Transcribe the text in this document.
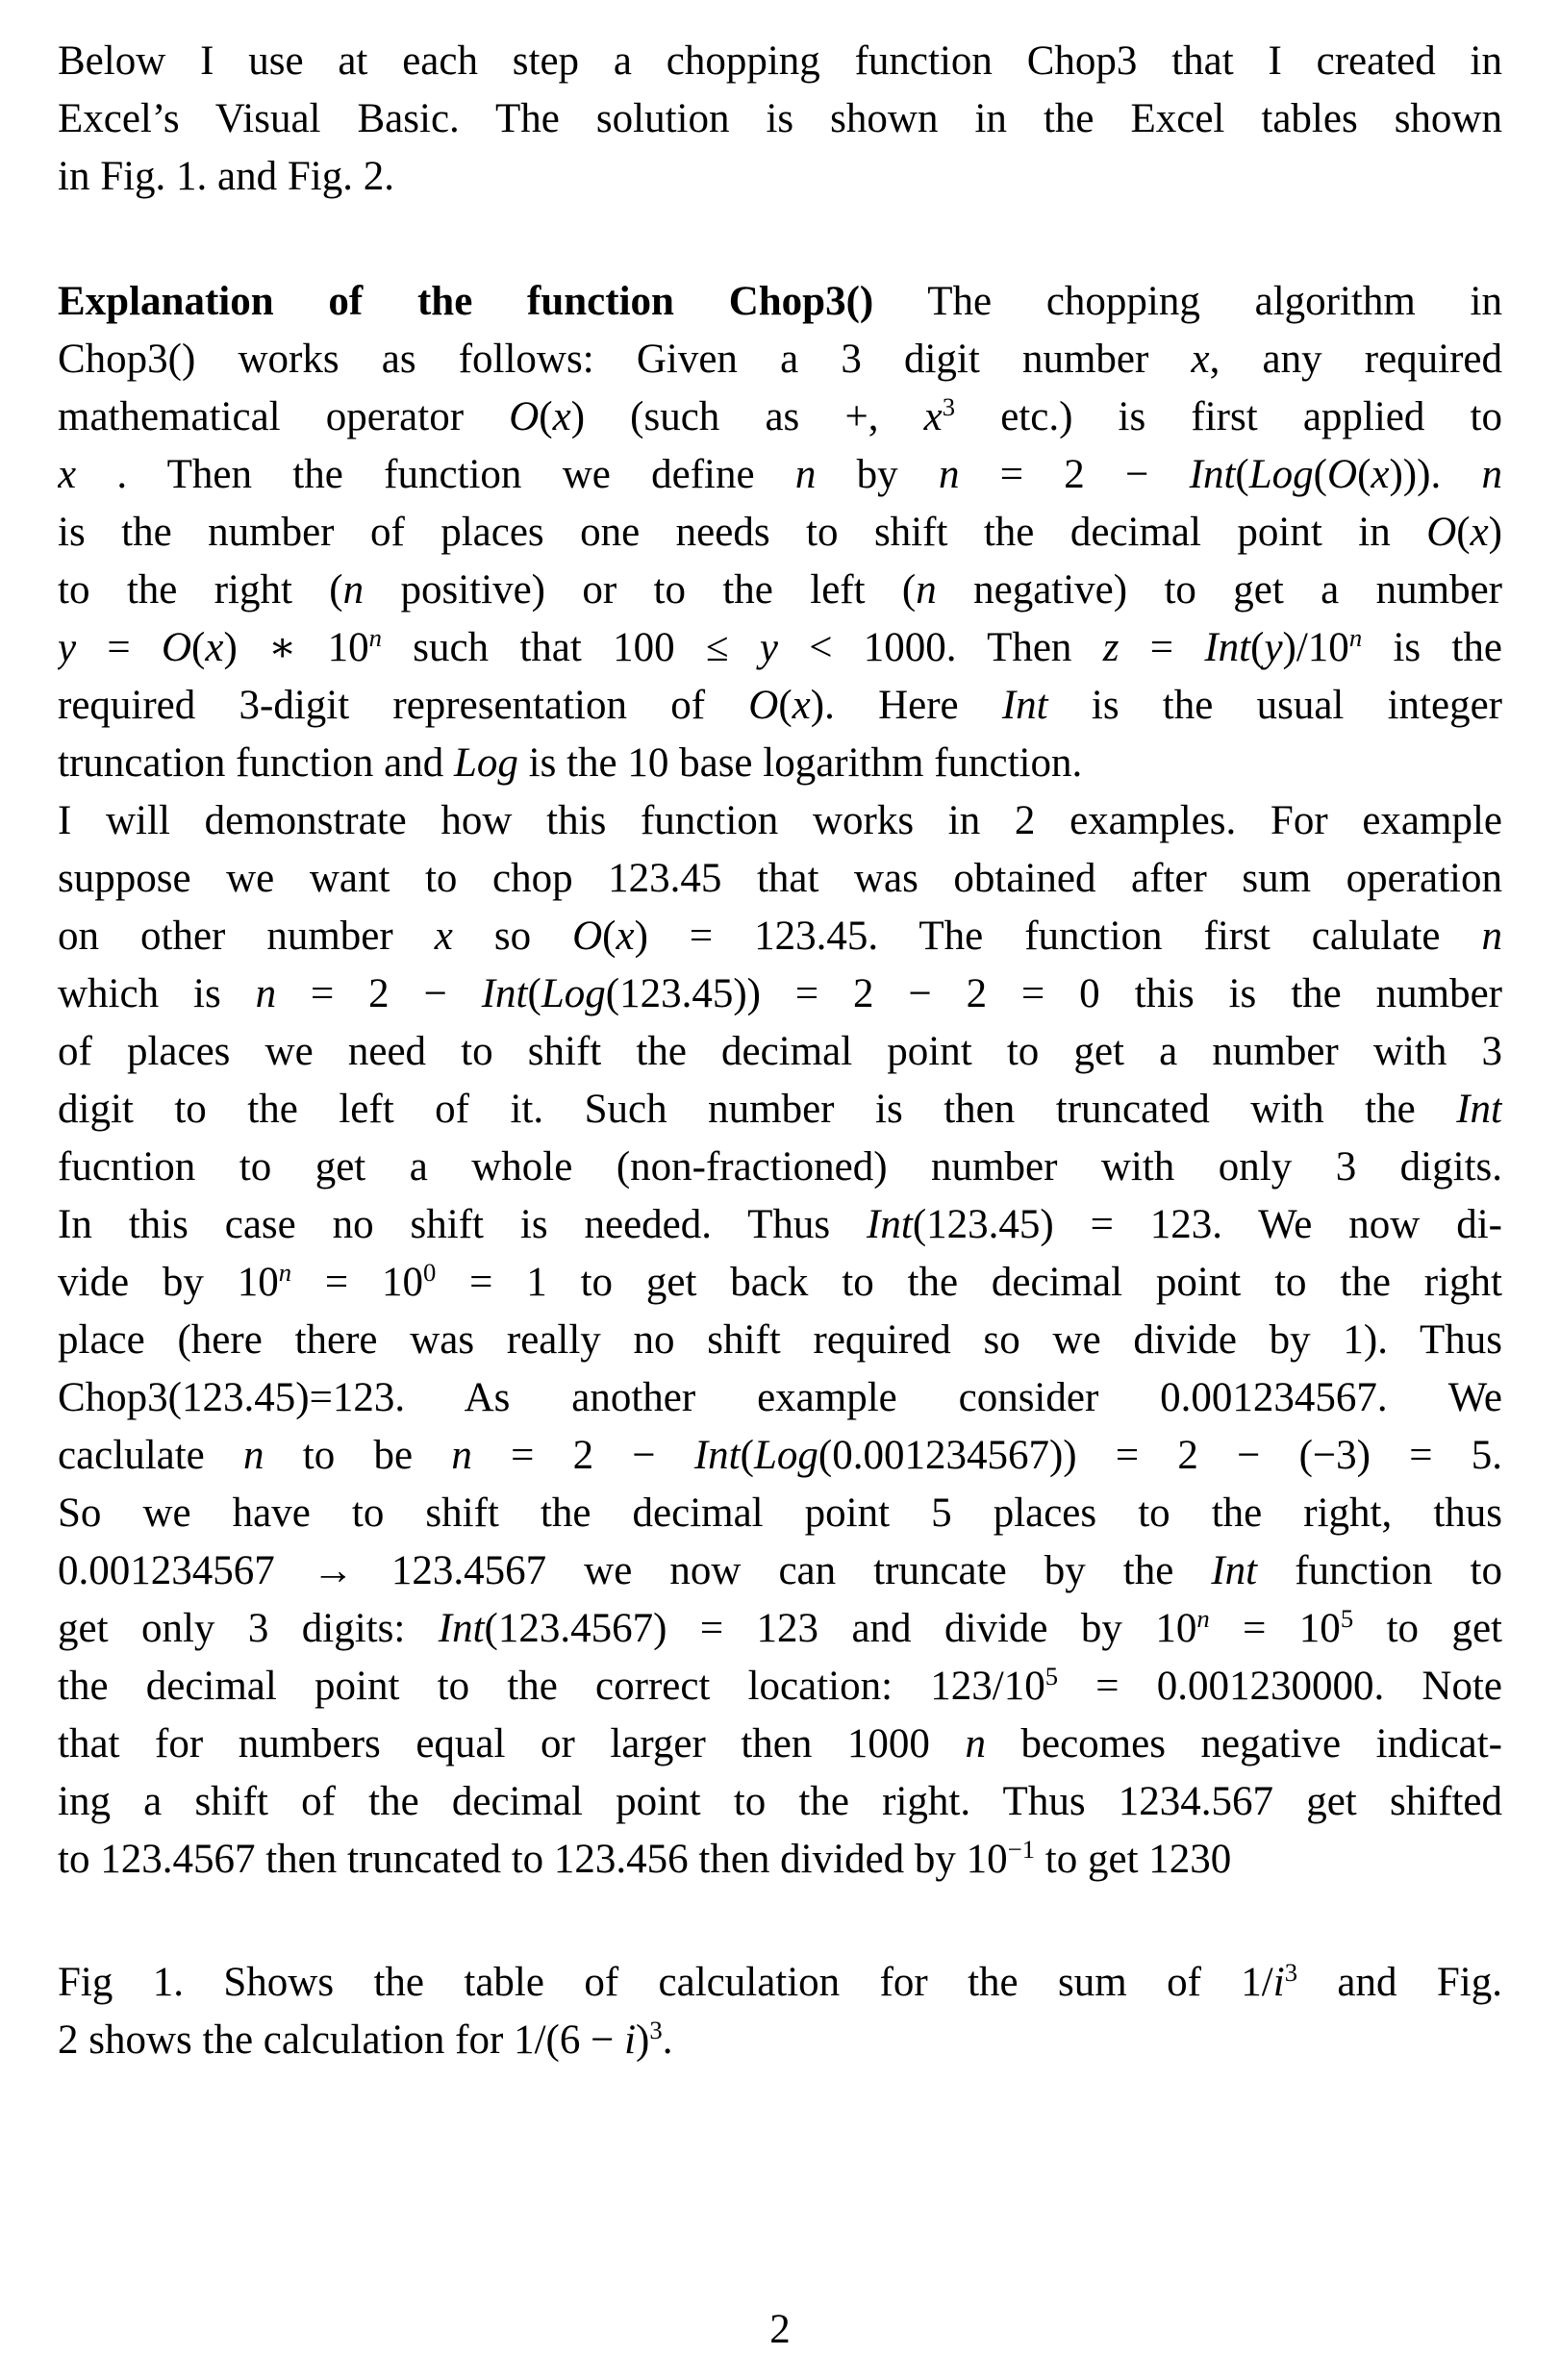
Below I use at each step a chopping function Chop3 that I created in
Excel’s Visual Basic. The solution is shown in the Excel tables shown
in Fig. 1. and Fig. 2.
Explanation of the function Chop3() The chopping algorithm in
Chop3() works as follows: Given a 3 digit number x, any required
mathematical operator O(x) (such as +, $x^3$ etc.) is first applied to
x . Then the function we define n by n = 2 − Int(Log(O(x))). n
is the number of places one needs to shift the decimal point in O(x)
to the right (n positive) or to the left (n negative) to get a number
y = O(x) ∗ 10$^n$ such that 100 ≤ y < 1000. Then $z = Int(y)/10^n$ is the
required 3-digit representation of O(x). Here Int is the usual integer
truncation function and Log is the 10 base logarithm function.
I will demonstrate how this function works in 2 examples. For example
suppose we want to chop 123.45 that was obtained after sum operation
on other number x so O(x) = 123.45. The function first calulate n
which is n = 2 − Int(Log(123.45)) = 2 − 2 = 0 this is the number
of places we need to shift the decimal point to get a number with 3
digit to the left of it. Such number is then truncated with the Int
fucntion to get a whole (non-fractioned) number with only 3 digits.
In this case no shift is needed. Thus Int(123.45) = 123. We now di-
vide by $10^n = 10^0 = 1$ to get back to the decimal point to the right
place (here there was really no shift required so we divide by 1). Thus
Chop3(123.45)=123. As another example consider 0.001234567. We
caclulate n to be n = 2 − Int(Log(0.001234567)) = 2 − (−3) = 5.
So we have to shift the decimal point 5 places to the right, thus
0.001234567 → 123.4567 we now can truncate by the Int function to
get only 3 digits: Int(123.4567) = 123 and divide by $10^n = 10^5$ to get
the decimal point to the correct location: $123/10^5 = 0.001230000$. Note
that for numbers equal or larger then 1000 n becomes negative indicat-
ing a shift of the decimal point to the right. Thus 1234.567 get shifted
to 123.4567 then truncated to 123.456 then divided by $10^{-1}$ to get 1230
Fig 1. Shows the table of calculation for the sum of $1/i^3$ and Fig.
2 shows the calculation for $1/(6 - i)^3$.
2
